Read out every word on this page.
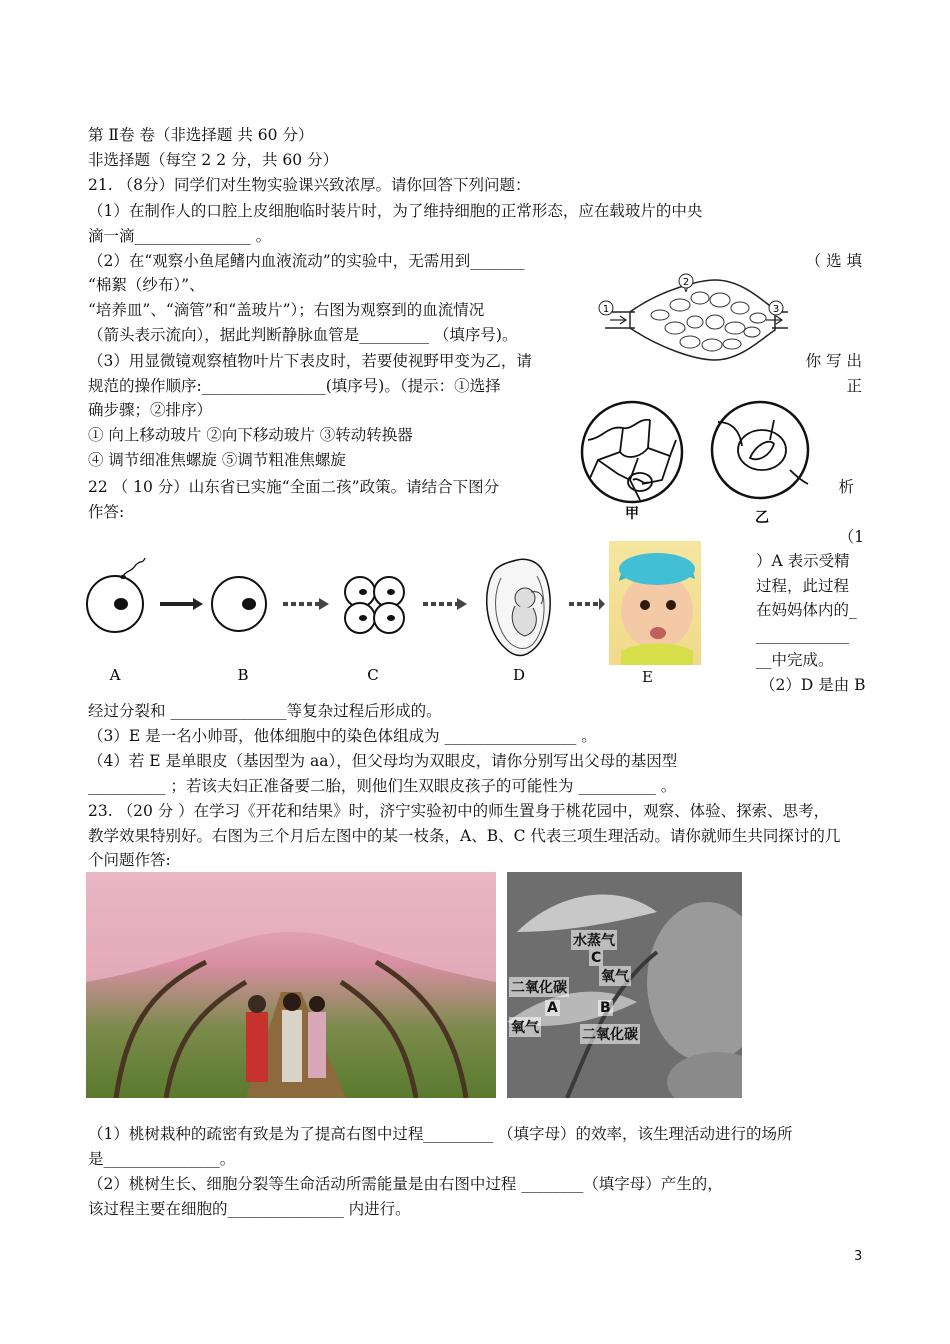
第 Ⅱ卷 卷（非选择题 共 60 分）
非选择题（每空 2 2 分，共 60 分）
21. （8分）同学们对生物实验课兴致浓厚。请你回答下列问题：
（1）在制作人的口腔上皮细胞临时装片时，为了维持细胞的正常形态，应在载玻片的中央
滴一滴_______________ 。
（2）在“观察小鱼尾鳍内血液流动”的实验中，无需用到_______	（ 选 填
“棉絮（纱布）”、
“培养皿”、“滴管”和“盖玻片”）；右图为观察到的血流情况
（箭头表示流向），据此判断静脉血管是_________ （填序号)。
（3）用显微镜观察植物叶片下表皮时，若要使视野甲变为乙，请	你 写 出
规范的操作顺序:________________(填序号)。（提示：①选择	正
确步骤；②排序）
① 向上移动玻片 ②向下移动玻片 ③转动转换器
④ 调节细准焦螺旋 ⑤调节粗准焦螺旋
1
2
3
甲	乙
22 （ 10 分）山东省已实施“全面二孩”政策。请结合下图分	析
作答:
（1
）A 表示受精
过程，此过程
在妈妈体内的_
____________
__中完成。
（2）D 是由 B
A	B	C	D	E
经过分裂和 _______________等复杂过程后形成的。
（3）E 是一名小帅哥，他体细胞中的染色体组成为 _________________ 。
（4）若 E 是单眼皮（基因型为 aa），但父母均为双眼皮，请你分别写出父母的基因型
__________ ；若该夫妇正准备要二胎，则他们生双眼皮孩子的可能性为 __________ 。
23. （20 分 ）在学习《开花和结果》时，济宁实验初中的师生置身于桃花园中，观察、体验、探索、思考，
教学效果特别好。右图为三个月后左图中的某一枝条，A、B、C 代表三项生理活动。请你就师生共同探讨的几
个问题作答:
水蒸气
C
氧气
二氧化碳
A	B
氧气	二氧化碳
（1）桃树栽种的疏密有致是为了提高右图中过程_________ （填字母）的效率，该生理活动进行的场所
是_______________。
（2）桃树生长、细胞分裂等生命活动所需能量是由右图中过程 ________（填字母）产生的，
该过程主要在细胞的_______________ 内进行。
3
